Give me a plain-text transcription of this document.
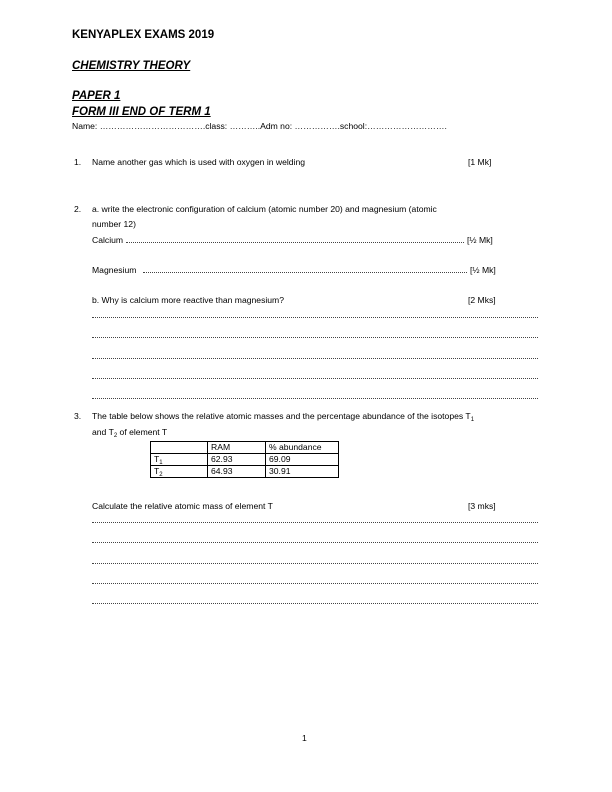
KENYAPLEX EXAMS 2019
CHEMISTRY THEORY
PAPER 1
FORM III END OF TERM 1
Name: ……………………………….class: ………..Adm no: …………….school:……………………….
1. Name another gas which is used with oxygen in welding	[1 Mk]
2. a. write the electronic configuration of calcium (atomic number 20) and magnesium (atomic
number 12)
Calcium	[½ Mk]
Magnesium	[½ Mk]
b. Why is calcium more reactive than magnesium?	[2 Mks]
3. The table below shows the relative atomic masses and the percentage abundance of the isotopes $T_1$
and $T_2$ of element T
	RAM	% abundance
$T_1$	62.93	69.09
$T_2$	64.93	30.91
Calculate the relative atomic mass of element T	[3 mks]
1
